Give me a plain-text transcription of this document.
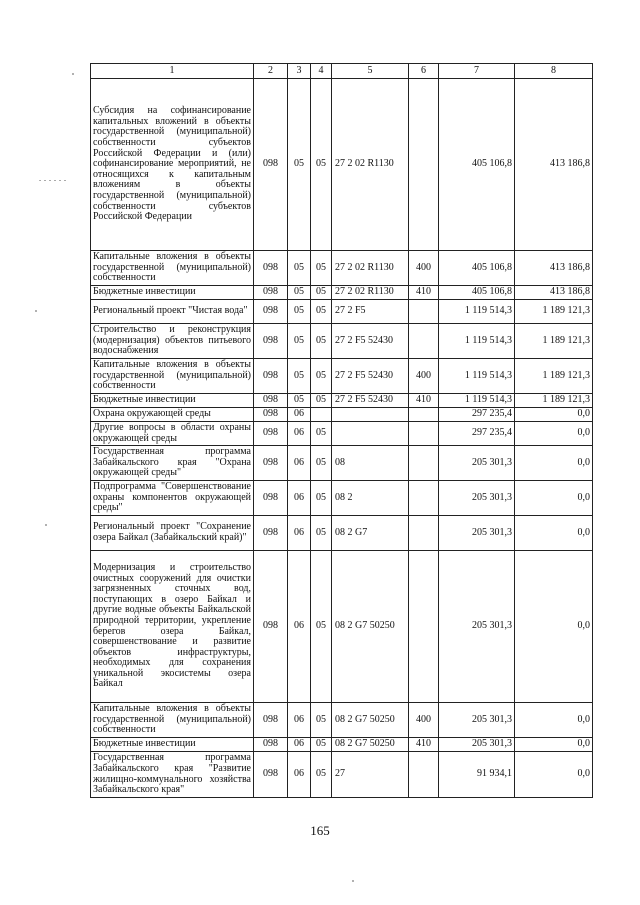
1	2	3	4	5	6	7	8
Субсидия на софинансирование капитальных вложений в объекты государственной (муниципальной) собственности субъектов Российской Федерации и (или) софинансирование мероприятий, не относящихся к капитальным вложениям в объекты государственной (муниципальной) собственности субъектов Российской Федерации	098	05	05	27 2 02 R1130		405 106,8	413 186,8
Капитальные вложения в объекты государственной (муниципальной) собственности	098	05	05	27 2 02 R1130	400	405 106,8	413 186,8
Бюджетные инвестиции	098	05	05	27 2 02 R1130	410	405 106,8	413 186,8
Региональный проект "Чистая вода"	098	05	05	27 2 F5		1 119 514,3	1 189 121,3
Строительство и реконструкция (модернизация) объектов питьевого водоснабжения	098	05	05	27 2 F5 52430		1 119 514,3	1 189 121,3
Капитальные вложения в объекты государственной (муниципальной) собственности	098	05	05	27 2 F5 52430	400	1 119 514,3	1 189 121,3
Бюджетные инвестиции	098	05	05	27 2 F5 52430	410	1 119 514,3	1 189 121,3
Охрана окружающей среды	098	06				297 235,4	0,0
Другие вопросы в области охраны окружающей среды	098	06	05			297 235,4	0,0
Государственная программа Забайкальского края "Охрана окружающей среды"	098	06	05	08		205 301,3	0,0
Подпрограмма "Совершенствование охраны компонентов окружающей среды"	098	06	05	08 2		205 301,3	0,0
Региональный проект "Сохранение озера Байкал (Забайкальский край)"	098	06	05	08 2 G7		205 301,3	0,0
Модернизация и строительство очистных сооружений для очистки загрязненных сточных вод, поступающих в озеро Байкал и другие водные объекты Байкальской природной территории, укрепление берегов озера Байкал, совершенствование и развитие объектов инфраструктуры, необходимых для сохранения уникальной экосистемы озера Байкал	098	06	05	08 2 G7 50250		205 301,3	0,0
Капитальные вложения в объекты государственной (муниципальной) собственности	098	06	05	08 2 G7 50250	400	205 301,3	0,0
Бюджетные инвестиции	098	06	05	08 2 G7 50250	410	205 301,3	0,0
Государственная программа Забайкальского края "Развитие жилищно-коммунального хозяйства Забайкальского края"	098	06	05	27		91 934,1	0,0
165
